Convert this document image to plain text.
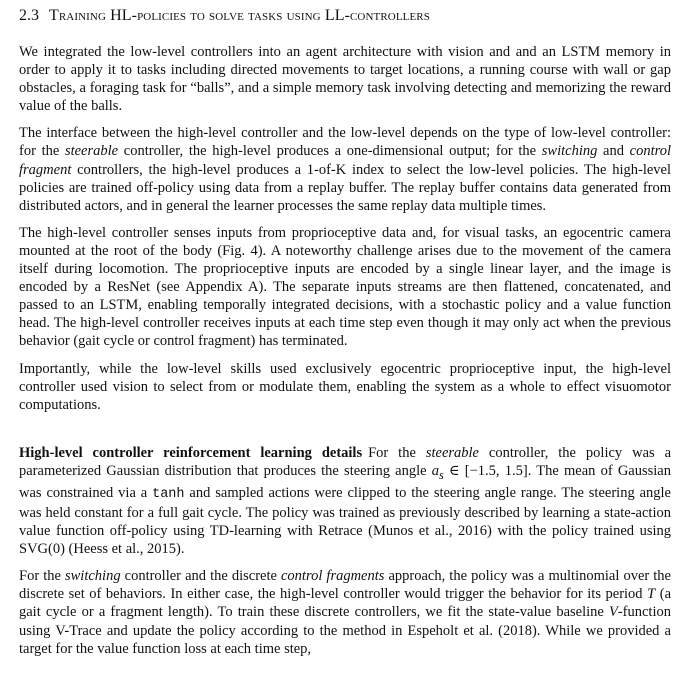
2.3 Training HL-policies to solve tasks using LL-controllers

We integrated the low-level controllers into an agent architecture with vision and and an LSTM memory in order to apply it to tasks including directed movements to target locations, a running course with wall or gap obstacles, a foraging task for “balls”, and a simple memory task involving detecting and memorizing the reward value of the balls.

The interface between the high-level controller and the low-level depends on the type of low-level controller: for the steerable controller, the high-level produces a one-dimensional output; for the switching and control fragment controllers, the high-level produces a 1-of-K index to select the low-level policies. The high-level policies are trained off-policy using data from a replay buffer. The replay buffer contains data generated from distributed actors, and in general the learner processes the same replay data multiple times.

The high-level controller senses inputs from proprioceptive data and, for visual tasks, an egocentric camera mounted at the root of the body (Fig. 4). A noteworthy challenge arises due to the movement of the camera itself during locomotion. The proprioceptive inputs are encoded by a single linear layer, and the image is encoded by a ResNet (see Appendix A). The separate inputs streams are then flattened, concatenated, and passed to an LSTM, enabling temporally integrated decisions, with a stochastic policy and a value function head. The high-level controller receives inputs at each time step even though it may only act when the previous behavior (gait cycle or control fragment) has terminated.

Importantly, while the low-level skills used exclusively egocentric proprioceptive input, the high-level controller used vision to select from or modulate them, enabling the system as a whole to effect visuomotor computations.

High-level controller reinforcement learning details For the steerable controller, the policy was a parameterized Gaussian distribution that produces the steering angle $a_s$ ∈ [−1.5, 1.5]. The mean of Gaussian was constrained via a tanh and sampled actions were clipped to the steering angle range. The steering angle was held constant for a full gait cycle. The policy was trained as previously described by learning a state-action value function off-policy using TD-learning with Retrace (Munos et al., 2016) with the policy trained using SVG(0) (Heess et al., 2015).

For the switching controller and the discrete control fragments approach, the policy was a multinomial over the discrete set of behaviors. In either case, the high-level controller would trigger the behavior for its period T (a gait cycle or a fragment length). To train these discrete controllers, we fit the state-value baseline V-function using V-Trace and update the policy according to the method in Espeholt et al. (2018). While we provided a target for the value function loss at each time step,
